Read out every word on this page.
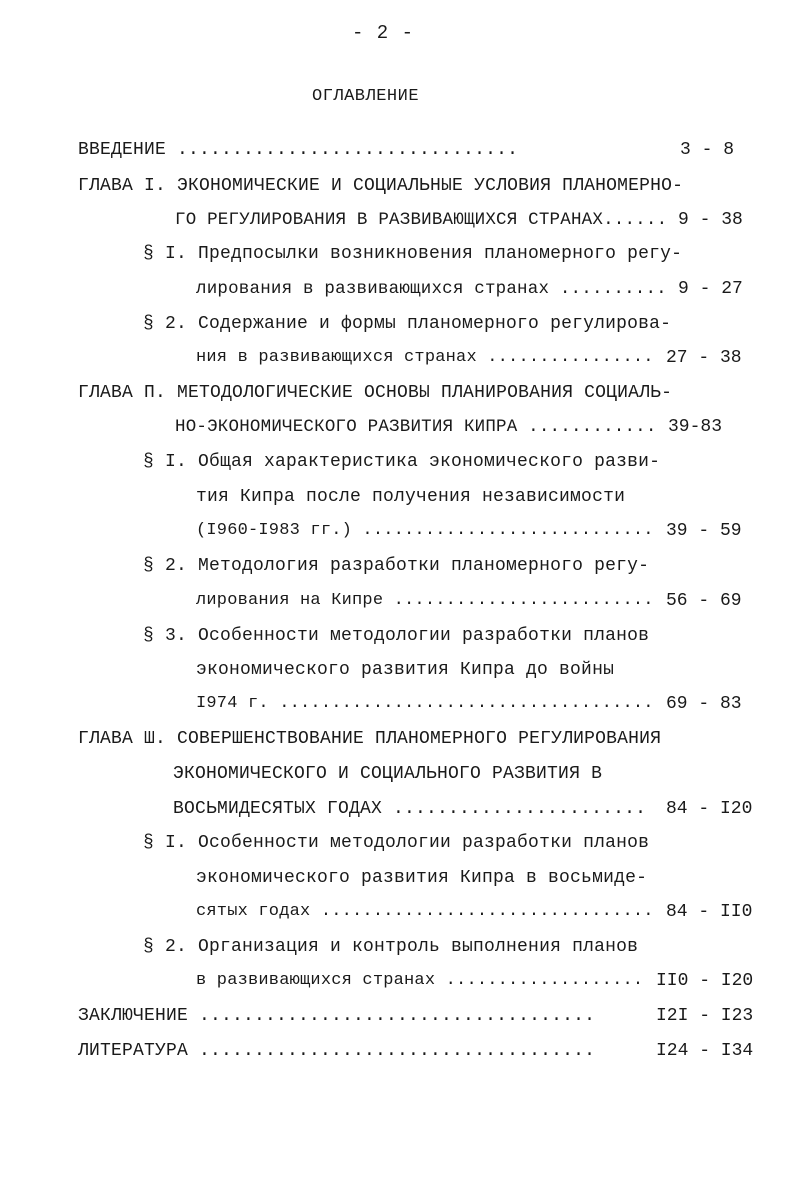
- 2 -
ОГЛАВЛЕНИЕ
ВВЕДЕНИЕ ...............................	3 - 8
ГЛАВА I. ЭКОНОМИЧЕСКИЕ И СОЦИАЛЬНЫЕ УСЛОВИЯ ПЛАНОМЕРНО-
ГО РЕГУЛИРОВАНИЯ В РАЗВИВАЮЩИХСЯ СТРАНАХ...... 9 - 38
§ I. Предпосылки возникновения планомерного регу-
лирования в развивающихся странах .......... 9 - 27
§ 2. Содержание и формы планомерного регулирова-
ния в развивающихся странах ................ 27 - 38
ГЛАВА П. МЕТОДОЛОГИЧЕСКИЕ ОСНОВЫ ПЛАНИРОВАНИЯ СОЦИАЛЬ-
НО-ЭКОНОМИЧЕСКОГО РАЗВИТИЯ КИПРА ............ 39-83
§ I. Общая характеристика экономического разви-
тия Кипра после получения независимости
(I960-I983 гг.) ............................ 39 - 59
§ 2. Методология разработки планомерного регу-
лирования на Кипре ......................... 56 - 69
§ 3. Особенности методологии разработки планов
экономического развития Кипра до войны
I974 г. .................................... 69 - 83
ГЛАВА Ш. СОВЕРШЕНСТВОВАНИЕ ПЛАНОМЕРНОГО РЕГУЛИРОВАНИЯ
ЭКОНОМИЧЕСКОГО И СОЦИАЛЬНОГО РАЗВИТИЯ В
ВОСЬМИДЕСЯТЫХ ГОДАХ ....................... 84 - I20
§ I. Особенности методологии разработки планов
экономического развития Кипра в восьмиде-
сятых годах ................................ 84 - II0
§ 2. Организация и контроль выполнения планов
в развивающихся странах ................... II0 - I20
ЗАКЛЮЧЕНИЕ ....................................	I2I - I23
ЛИТЕРАТУРА ....................................	I24 - I34
